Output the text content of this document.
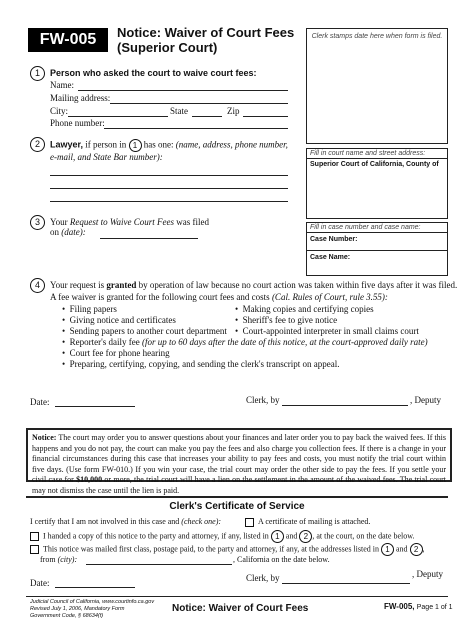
FW-005	Notice: Waiver of Court Fees
(Superior Court)
Clerk stamps date here when form is filed.
Fill in court name and street address:
Superior Court of California, County of
Fill in case number and case name:
Case Number:
Case Name:
1	Person who asked the court to waive court fees:
Name:
Mailing address:
City:	State	Zip
Phone number:
2	Lawyer, if person in 1 has one: (name, address, phone number,
e-mail, and State Bar number):
3	Your Request to Waive Court Fees was filed
on (date):
4	Your request is granted by operation of law because no court action was taken within five days after it was filed.
A fee waiver is granted for the following court fees and costs (Cal. Rules of Court, rule 3.55):
•  Filing papers
•  Giving notice and certificates
•  Sending papers to another court department
•  Reporter's daily fee (for up to 60 days after the date of this notice, at the court-approved daily rate)
•  Court fee for phone hearing
•  Preparing, certifying, copying, and sending the clerk's transcript on appeal.
•  Making copies and certifying copies
•  Sheriff's fee to give notice
•  Court-appointed interpreter in small claims court
Date:	Clerk, by	, Deputy
Notice: The court may order you to answer questions about your finances and later order you to pay back the waived fees. If this happens and you do not pay, the court can make you pay the fees and also charge you collection fees. If there is a change in your financial circumstances during this case that increases your ability to pay fees and costs, you must notify the trial court within five days. (Use form FW-010.) If you win your case, the trial court may order the other side to pay the fees. If you settle your civil case for $10,000 or more, the trial court will have a lien on the settlement in the amount of the waived fees. The trial court may not dismiss the case until the lien is paid.
Clerk's Certificate of Service
I certify that I am not involved in this case and (check one):	A certificate of mailing is attached.
I handed a copy of this notice to the party and attorney, if any, listed in 1 and 2 , at the court, on the date below.
This notice was mailed first class, postage paid, to the party and attorney, if any, at the addresses listed in 1 and 2 ,
from (city):	, California on the date below.
Date:	Clerk, by	, Deputy
Judicial Council of California, www.courtinfo.ca.gov
Revised July 1, 2006, Mandatory Form
Government Code, § 68634(f)
Notice: Waiver of Court Fees	FW-005, Page 1 of 1
